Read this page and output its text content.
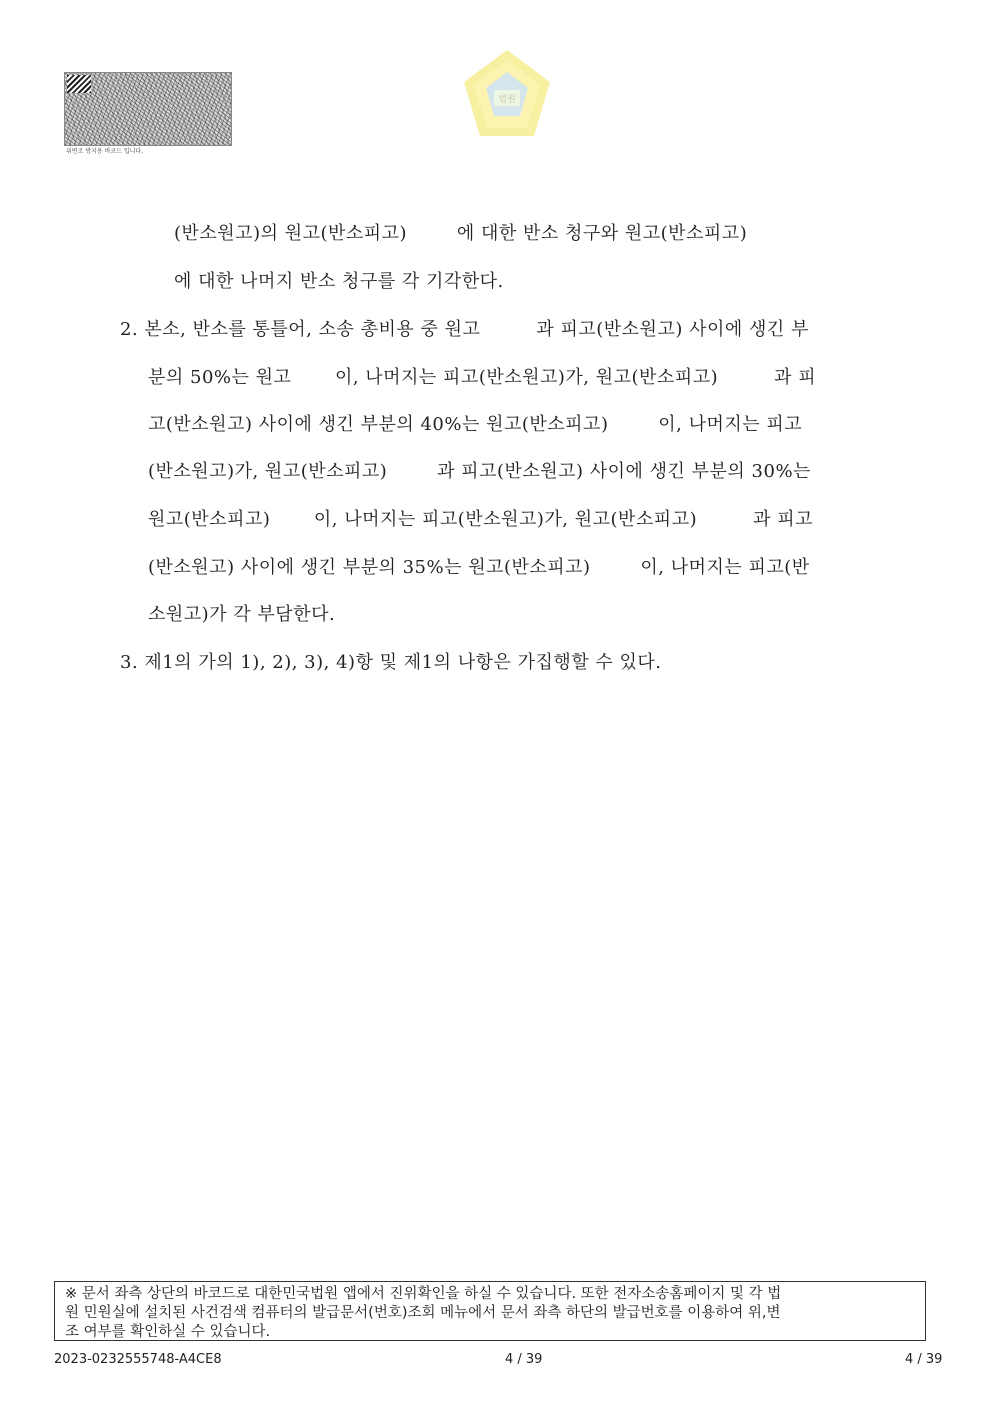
위변조 방지용 바코드 입니다.
법원
(반소원고)의 원고(반소피고)        에 대한 반소 청구와 원고(반소피고)
에 대한 나머지 반소 청구를 각 기각한다.
2. 본소, 반소를 통틀어, 소송 총비용 중 원고         과 피고(반소원고) 사이에 생긴 부
분의 50%는 원고       이, 나머지는 피고(반소원고)가, 원고(반소피고)         과 피
고(반소원고) 사이에 생긴 부분의 40%는 원고(반소피고)        이, 나머지는 피고
(반소원고)가, 원고(반소피고)        과 피고(반소원고) 사이에 생긴 부분의 30%는
원고(반소피고)       이, 나머지는 피고(반소원고)가, 원고(반소피고)         과 피고
(반소원고) 사이에 생긴 부분의 35%는 원고(반소피고)        이, 나머지는 피고(반
소원고)가 각 부담한다.
3. 제1의 가의 1), 2), 3), 4)항 및 제1의 나항은 가집행할 수 있다.
※ 문서 좌측 상단의 바코드로 대한민국법원 앱에서 진위확인을 하실 수 있습니다. 또한 전자소송홈페이지 및 각 법
원 민원실에 설치된 사건검색 컴퓨터의 발급문서(번호)조회 메뉴에서 문서 좌측 하단의 발급번호를 이용하여 위,변
조 여부를 확인하실 수 있습니다.
2023-0232555748-A4CE8	4 / 39	4 / 39
